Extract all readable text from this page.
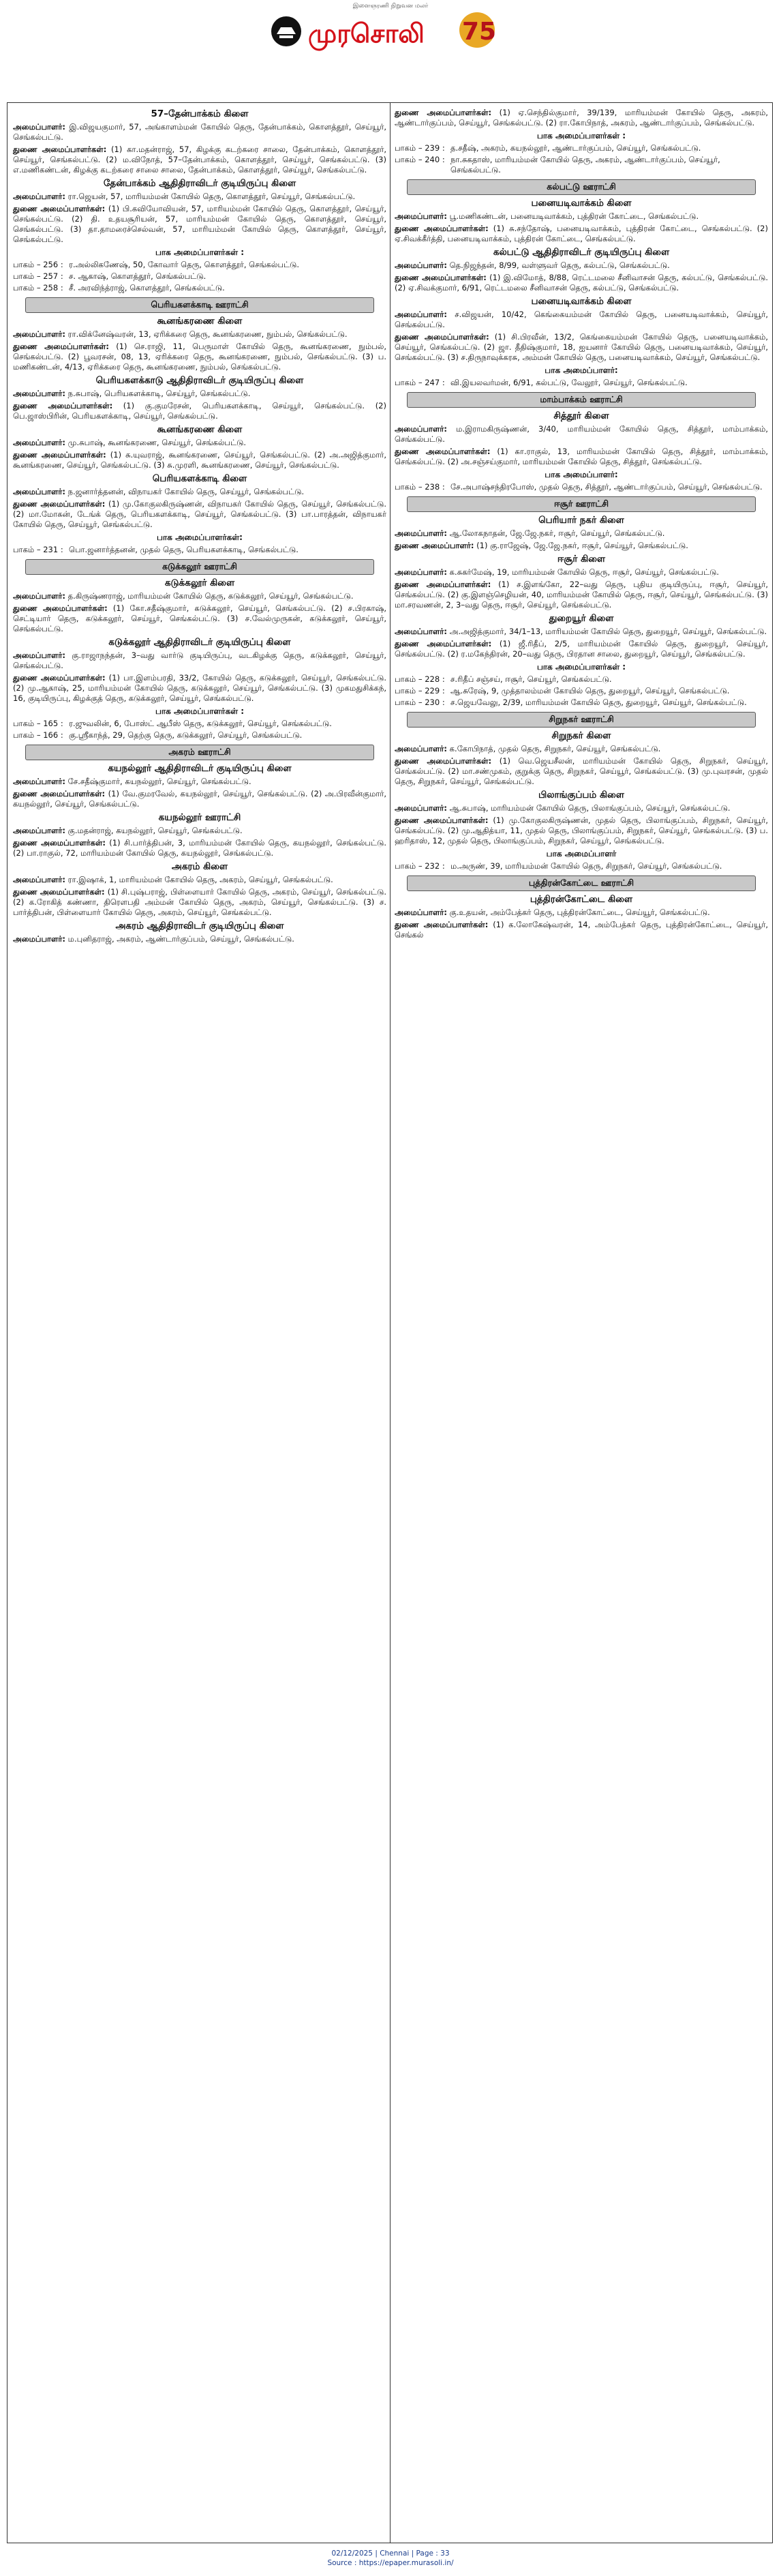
இளைஞரணி நிறுவன மலர்
முரசொலி 75
57–தேன்பாக்கம் கிளை
அமைப்பாளர்: இ.விஜயகுமார், 57, அங்காளம்மன் கோயில் தெரு, தேன்பாக்கம், கொளத்தூர், செய்யூர், செங்கல்பட்டு.
துணை அமைப்பாளர்கள்: (1) கா.மதன்ராஜ், 57, கிழக்கு கடற்கரை சாலை, தேன்பாக்கம், கொளத்தூர், செய்யூர், செங்கல்பட்டு. (2) ம.விநோத், 57–தேன்பாக்கம், கொளத்தூர், செய்யூர், செங்கல்பட்டு. (3) எ.மணிகண்டன், கிழக்கு கடற்கரை சாலை சாலை, தேன்பாக்கம், கொளத்தூர், செய்யூர், செங்கல்பட்டு.
தேன்பாக்கம் ஆதிதிராவிடர் குடியிருப்பு கிளை
அமைப்பாளர்: ரா.ஜெயன், 57, மாரியம்மன் கோயில் தெரு, கொளத்தூர், செய்யூர், செங்கல்பட்டு.
துணை அமைப்பாளர்கள்: (1) பி.கவியோவியன், 57, மாரியம்மன் கோயில் தெரு, கொளத்தூர், செய்யூர், செங்கல்பட்டு. (2) தி. உதயசூரியன், 57, மாரியம்மன் கோயில் தெரு, கொளத்தூர், செய்யூர், செங்கல்பட்டு. (3) தா.தாமரைச்செல்வன், 57, மாரியம்மன் கோயில் தெரு, கொளத்தூர், செய்யூர், செங்கல்பட்டு.
பாக அமைப்பாளர்கள் :
பாகம் – 256 : ர.அல்லிகணேஷ், 50, கோவார் தெரு, கொளத்தூர், செங்கல்பட்டு.
பாகம் – 257 : ச. ஆகாஷ், கொளத்தூர், செங்கல்பட்டு.
பாகம் – 258 : சீ. அரவிந்த்ராஜ், கொளத்தூர், செங்கல்பட்டு.
பெரியகளக்காடி ஊராட்சி
கூனங்கரணை கிளை
அமைப்பாளர்: ரா.விக்னேஷ்வரன், 13, ஏரிக்கரை தெரு, கூனங்கரணை, நும்பல், செங்கல்பட்டு.
துணை அமைப்பாளர்கள்: (1) செ.ராஜி, 11, பெருமாள் கோயில் தெரு, கூனங்கரணை, நும்பல், செங்கல்பட்டு. (2) பூவரசன், 08, 13, ஏரிக்கரை தெரு, கூனங்கரணை, நும்பல், செங்கல்பட்டு. (3) ப. மணிகண்டன், 4/13, ஏரிக்கரை தெரு, கூனங்கரணை, நும்பல், செங்கல்பட்டு.
பெரியகளக்காடு ஆதிதிராவிடர் குடியிருப்பு கிளை
அமைப்பாளர்: ந.சுபாஷ், பெரியகளக்காடி, செய்யூர், செங்கல்பட்டு.
துணை அமைப்பாளர்கள்: (1) கு.குமரேசன், பெரியகளக்காடி, செய்யூர், செங்கல்பட்டு. (2) பெ.ஜாஸ்பிரின், பெரியகளக்காடி, செய்யூர், செங்கல்பட்டு.
கூனங்கரணை கிளை
அமைப்பாளர்: மு.சுபாஷ், கூனங்கரணை, செய்யூர், செங்கல்பட்டு.
துணை அமைப்பாளர்கள்: (1) சு.யுவராஜ், கூனங்கரணை, செய்யூர், செங்கல்பட்டு. (2) அ.அஜித்குமார், கூனங்கரணை, செய்யூர், செங்கல்பட்டு. (3) சு.முரளி, கூனங்கரணை, செய்யூர், செங்கல்பட்டு.
பெரியகளக்காடி கிளை
அமைப்பாளர்: ந.ஜனார்த்தனன், விநாயகர் கோயில் தெரு, செய்யூர், செங்கல்பட்டு.
துணை அமைப்பாளர்கள்: (1) மு.கோகுலகிருஷ்ணன், விநாயகர் கோயில் தெரு, செய்யூர், செங்கல்பட்டு. (2) மா.மோகன், டேங்க் தெரு, பெரியகளக்காடி, செய்யூர், செங்கல்பட்டு. (3) பா.பாரத்தன், விநாயகர் கோயில் தெரு, செய்யூர், செங்கல்பட்டு.
பாக அமைப்பாளர்கள்:
பாகம் – 231 : பொ.ஜனார்த்தனன், முதல் தெரு, பெரியகளக்காடி, செங்கல்பட்டு.
கடுக்கலூர் ஊராட்சி
கடுக்கலூர் கிளை
அமைப்பாளர்: த.கிருஷ்ணராஜ், மாரியம்மன் கோயில் தெரு, கடுக்கலூர், செய்யூர், செங்கல்பட்டு.
துணை அமைப்பாளர்கள்: (1) கோ.சதீஷ்குமார், கடுக்கலூர், செய்யூர், செங்கல்பட்டு. (2) ச.பிரகாஷ், செட்டியார் தெரு, கடுக்கலூர், செய்யூர், செங்கல்பட்டு. (3) ச.வேல்முருகன், கடுக்கலூர், செய்யூர், செங்கல்பட்டு.
கடுக்கலூர் ஆதிதிராவிடர் குடியிருப்பு கிளை
அமைப்பாளர்: கு.ராஜாநந்தன், 3–வது வார்டு குடியிருப்பு, வடகிழக்கு தெரு, கடுக்கலூர், செய்யூர், செங்கல்பட்டு.
துணை அமைப்பாளர்கள்: (1) பா.இளம்பரதி, 33/2, கோயில் தெரு, கடுக்கலூர், செய்யூர், செங்கல்பட்டு. (2) மு.ஆகாஷ், 25, மாரியம்மன் கோயில் தெரு, கடுக்கலூர், செய்யூர், செங்கல்பட்டு. (3) முகமதுசிக்கந், 16, குடியிருப்பு, கிழக்குத் தெரு, கடுக்கலூர், செய்யூர், செங்கல்பட்டு.
பாக அமைப்பாளர்கள் :
பாகம் – 165 : ர.ஜுவலின், 6, போஸ்ட் ஆபீஸ் தெரு, கடுக்கலூர், செய்யூர், செங்கல்பட்டு.
பாகம் – 166 : கு.ஸ்ரீகாந்த், 29, தெற்கு தெரு, கடுக்கலூர், செய்யூர், செங்கல்பட்டு.
அகரம் ஊராட்சி
கயநல்லூர் ஆதிதிராவிடர் குடியிருப்பு கிளை
அமைப்பாளர்: சே.சதீஷ்குமார், கயநல்லூர், செய்யூர், செங்கல்பட்டு.
துணை அமைப்பாளர்கள்: (1) வே.குமரவேல், கயநல்லூர், செய்யூர், செங்கல்பட்டு. (2) அ.பிரவீன்குமார், கயநல்லூர், செய்யூர், செங்கல்பட்டு.
கயநல்லூர் ஊராட்சி
அமைப்பாளர்: கு.மதன்ராஜ், கயநல்லூர், செய்யூர், செங்கல்பட்டு.
துணை அமைப்பாளர்கள்: (1) சி.பார்த்திபன், 3, மாரியம்மன் கோயில் தெரு, கயநல்லூர், செங்கல்பட்டு. (2) பா.ராகுல், 72, மாரியம்மன் கோயில் தெரு, கயநல்லூர், செங்கல்பட்டு.
அகரம் கிளை
அமைப்பாளர்: ரா.இஷாக், 1, மாரியம்மன் கோயில் தெரு, அகரம், செய்யூர், செங்கல்பட்டு.
துணை அமைப்பாளர்கள்: (1) சி.புஷ்பராஜ், பிள்ளையார் கோயில் தெரு, அகரம், செய்யூர், செங்கல்பட்டு. (2) க.ரோகித் கண்ணா, திரௌபதி அம்மன் கோயில் தெரு, அகரம், செய்யூர், செங்கல்பட்டு. (3) ச. பார்த்திபன், பிள்ளையார் கோயில் தெரு, அகரம், செய்யூர், செங்கல்பட்டு.
அகரம் ஆதிதிராவிடர் குடியிருப்பு கிளை
அமைப்பாளர்: ம.புனிதராஜ், அகரம், ஆண்டார்குப்பம், செய்யூர், செங்கல்பட்டு.
துணை அமைப்பாளர்கள்: (1) ஏ.செந்தில்குமார், 39/139, மாரியம்மன் கோயில் தெரு, அகரம், ஆண்டார்குப்பம், செய்யூர், செங்கல்பட்டு. (2) ரா.கோபிநாத், அகரம், ஆண்டார்குப்பம், செங்கல்பட்டு.
பாக அமைப்பாளர்கள் :
பாகம் – 239 : த.சதீஷ், அகரம், கயநல்லூர், ஆண்டார்குப்பம், செய்யூர், செங்கல்பட்டு.
பாகம் – 240 : நா.சுகதாஸ், மாரியம்மன் கோயில் தெரு, அகரம், ஆண்டார்குப்பம், செய்யூர், செங்கல்பட்டு.
கல்பட்டு ஊராட்சி
பனையடிவாக்கம் கிளை
அமைப்பாளர்: பூ.மணிகண்டன், பனையடிவாக்கம், புத்திரன் கோட்டை, செங்கல்பட்டு.
துணை அமைப்பாளர்கள்: (1) சு.சந்தோஷ், பனையடிவாக்கம், புத்திரன் கோட்டை, செங்கல்பட்டு. (2) ஏ.சிவக்கீர்த்தி, பனையடிவாக்கம், புத்திரன் கோட்டை, செங்கல்பட்டு.
கல்பட்டு ஆதிதிராவிடர் குடியிருப்பு கிளை
அமைப்பாளர்: தெ.நிஜந்தன், 8/99, வள்ளுவர் தெரு, கல்பட்டு, செங்கல்பட்டு.
துணை அமைப்பாளர்கள்: (1) இ.விமோத், 8/88, ரெட்டமலை சீனிவாசன் தெரு, கல்பட்டு, செங்கல்பட்டு. (2) ஏ.சிவக்குமார், 6/91, ரெட்டமலை சீனிவாசன் தெரு, கல்பட்டு, செங்கல்பட்டு.
பனையடிவாக்கம் கிளை
அமைப்பாளர்: ச.விஜயன், 10/42, கெங்கையம்மன் கோயில் தெரு, பனையடிவாக்கம், செய்யூர், செங்கல்பட்டு.
துணை அமைப்பாளர்கள்: (1) சி.பிரவீன், 13/2, கெங்கையம்மன் கோயில் தெரு, பனையடிவாக்கம், செய்யூர், செங்கல்பட்டு. (2) ஜா. தீதிஷ்குமார், 18, ஐயனார் கோயில் தெரு, பனையடிவாக்கம், செய்யூர், செங்கல்பட்டு. (3) ச.திருநாவுக்கரசு, அம்மன் கோயில் தெரு, பனையடிவாக்கம், செய்யூர், செங்கல்பட்டு.
பாக அமைப்பாளர்:
பாகம் – 247 : வி.இயலவர்மன், 6/91, கல்பட்டு, வேலூர், செய்யூர், செங்கல்பட்டு.
மாம்பாக்கம் ஊராட்சி
சித்தூர் கிளை
அமைப்பாளர்: ம.இராமகிருஷ்ணன், 3/40, மாரியம்மன் கோயில் தெரு, சித்தூர், மாம்பாக்கம், செங்கல்பட்டு.
துணை அமைப்பாளர்கள்: (1) கா.ராகுல், 13, மாரியம்மன் கோயில் தெரு, சித்தூர், மாம்பாக்கம், செங்கல்பட்டு. (2) அ.சஞ்சய்குமார், மாரியம்மன் கோயில் தெரு, சித்தூர், செங்கல்பட்டு.
பாக அமைப்பாளர்:
பாகம் – 238 : சே.அபாஷ்சந்திரபோஸ், முதல் தெரு, சித்தூர், ஆண்டார்குப்பம், செய்யூர், செங்கல்பட்டு.
ஈசூர் ஊராட்சி
பெரியார் நகர் கிளை
அமைப்பாளர்: ஆ.லோகநாதன், ஜே.ஜே.நகர், ஈசூர், செய்யூர், செங்கல்பட்டு.
துணை அமைப்பாளர்: (1) கு.ராஜேஷ், ஜே.ஜே.நகர், ஈசூர், செய்யூர், செங்கல்பட்டு.
ஈசூர் கிளை
அமைப்பாளர்: க.சுகர்மேஷ், 19, மாரியம்மன் கோயில் தெரு, ஈசூர், செய்யூர், செங்கல்பட்டு.
துணை அமைப்பாளர்கள்: (1) ச.இளங்கோ, 22–வது தெரு, புதிய குடியிருப்பு, ஈசூர், செய்யூர், செங்கல்பட்டு. (2) கு.இளஞ்செழியன், 40, மாரியம்மன் கோயில் தெரு, ஈசூர், செய்யூர், செங்கல்பட்டு. (3) மா.சரவணன், 2, 3–வது தெரு, ஈசூர், செய்யூர், செங்கல்பட்டு.
துறையூர் கிளை
அமைப்பாளர்: அ.அஜித்குமார், 34/1–13, மாரியம்மன் கோயில் தெரு, துறையூர், செய்யூர், செங்கல்பட்டு.
துணை அமைப்பாளர்கள்: (1) ஜீ.ரிதீப், 2/5, மாரியம்மன் கோயில் தெரு, துறையூர், செய்யூர், செங்கல்பட்டு. (2) ர.மகேந்திரன், 20–வது தெரு, பிரதான சாலை, துறையூர், செய்யூர், செங்கல்பட்டு.
பாக அமைப்பாளர்கள் :
பாகம் – 228 : ச.ரிதீப் சஞ்சய், ஈசூர், செய்யூர், செங்கல்பட்டு.
பாகம் – 229 : ஆ.சுரேஷ், 9, முத்தாலம்மன் கோயில் தெரு, துறையூர், செய்யூர், செங்கல்பட்டு.
பாகம் – 230 : ச.ஜெயவேலு, 2/39, மாரியம்மன் கோயில் தெரு, துறையூர், செய்யூர், செங்கல்பட்டு.
சிறுநகர் ஊராட்சி
சிறுநகர் கிளை
அமைப்பாளர்: க.கோபிநாத், முதல் தெரு, சிறுநகர், செய்யூர், செங்கல்பட்டு.
துணை அமைப்பாளர்கள்: (1) வெ.ஜெயசீலன், மாரியம்மன் கோயில் தெரு, சிறுநகர், செய்யூர், செங்கல்பட்டு. (2) மா.சண்முகம், குறுக்கு தெரு, சிறுநகர், செய்யூர், செங்கல்பட்டு. (3) மு.புவரசன், முதல் தெரு, சிறுநகர், செய்யூர், செங்கல்பட்டு.
பிலாங்குப்பம் கிளை
அமைப்பாளர்: ஆ.சுபாஷ், மாரியம்மன் கோயில் தெரு, பிலாங்குப்பம், செய்யூர், செங்கல்பட்டு.
துணை அமைப்பாளர்கள்: (1) மு.கோகுலகிருஷ்ணன், முதல் தெரு, பிலாங்குப்பம், சிறுநகர், செய்யூர், செங்கல்பட்டு. (2) மு.ஆதித்யா, 11, முதல் தெரு, பிலாங்குப்பம், சிறுநகர், செய்யூர், செங்கல்பட்டு. (3) ப. ஹரிதாஸ், 12, முதல் தெரு, பிலாங்குப்பம், சிறுநகர், செய்யூர், செங்கல்பட்டு.
பாக அமைப்பாளர்
பாகம் – 232 : ம.அருண், 39, மாரியம்மன் கோயில் தெரு, சிறுநகர், செய்யூர், செங்கல்பட்டு.
புத்திரன்கோட்டை ஊராட்சி
புத்திரன்கோட்டை கிளை
அமைப்பாளர்: கு.உதயன், அம்பேத்கர் தெரு, புத்திரன்கோட்டை, செய்யூர், செங்கல்பட்டு.
துணை அமைப்பாளர்கள்: (1) க.லோகேஷ்வரன், 14, அம்பேத்கர் தெரு, புத்திரன்கோட்டை, செய்யூர், செங்கல்
02/12/2025 | Chennai | Page : 33
Source : https://epaper.murasoli.in/
